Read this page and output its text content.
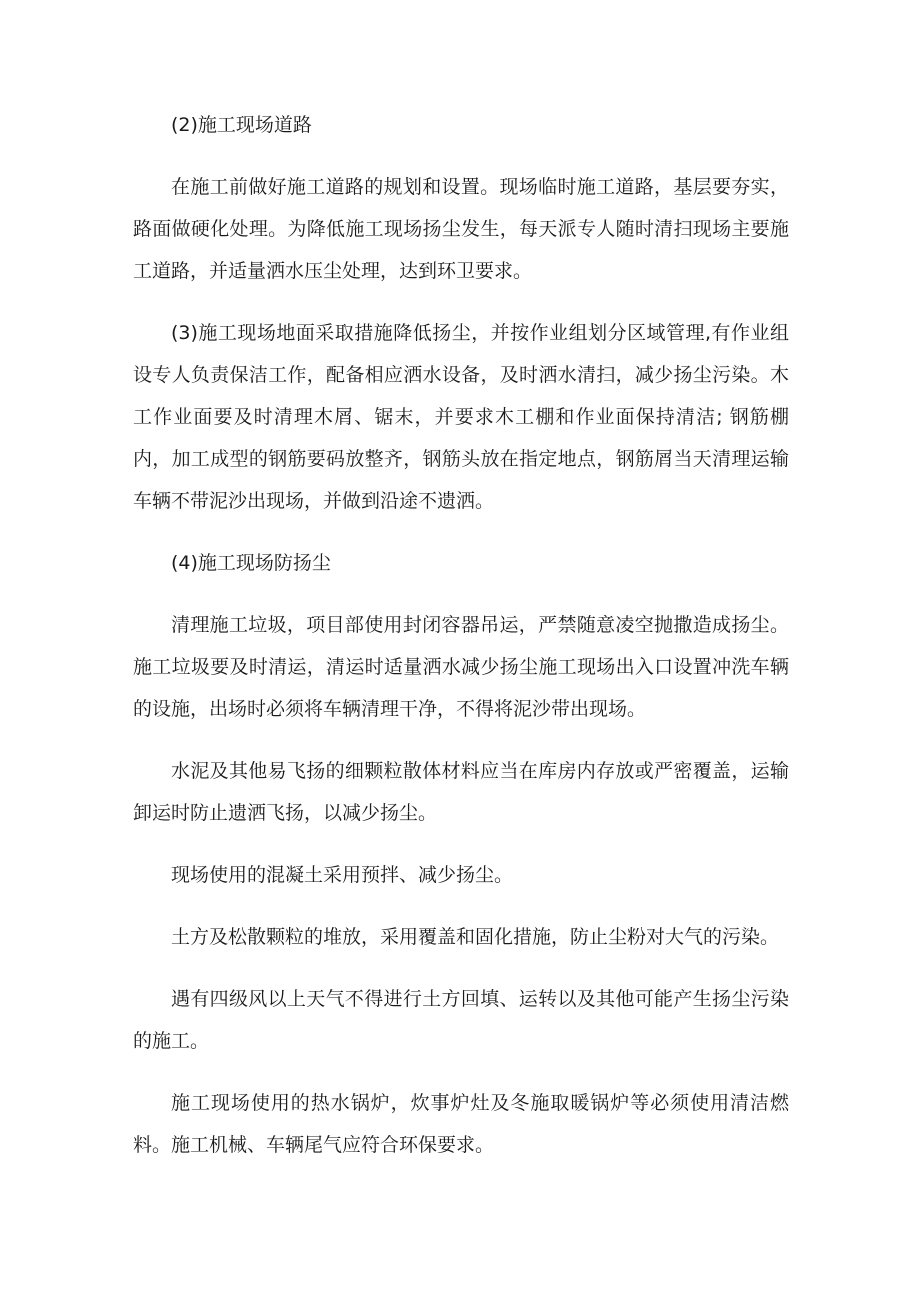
(2)施工现场道路

在施工前做好施工道路的规划和设置。现场临时施工道路，基层要夯实，路面做硬化处理。为降低施工现场扬尘发生，每天派专人随时清扫现场主要施工道路，并适量洒水压尘处理，达到环卫要求。

(3)施工现场地面采取措施降低扬尘，并按作业组划分区域管理,有作业组设专人负责保洁工作，配备相应洒水设备，及时洒水清扫，减少扬尘污染。木工作业面要及时清理木屑、锯末，并要求木工棚和作业面保持清洁; 钢筋棚内，加工成型的钢筋要码放整齐，钢筋头放在指定地点，钢筋屑当天清理运输车辆不带泥沙出现场，并做到沿途不遗洒。

(4)施工现场防扬尘

清理施工垃圾，项目部使用封闭容器吊运，严禁随意凌空抛撒造成扬尘。施工垃圾要及时清运，清运时适量洒水减少扬尘施工现场出入口设置冲洗车辆的设施，出场时必须将车辆清理干净，不得将泥沙带出现场。

水泥及其他易飞扬的细颗粒散体材料应当在库房内存放或严密覆盖，运输卸运时防止遗洒飞扬，以减少扬尘。

现场使用的混凝土采用预拌、减少扬尘。

土方及松散颗粒的堆放，采用覆盖和固化措施，防止尘粉对大气的污染。

遇有四级风以上天气不得进行土方回填、运转以及其他可能产生扬尘污染的施工。

施工现场使用的热水锅炉，炊事炉灶及冬施取暖锅炉等必须使用清洁燃料。施工机械、车辆尾气应符合环保要求。
